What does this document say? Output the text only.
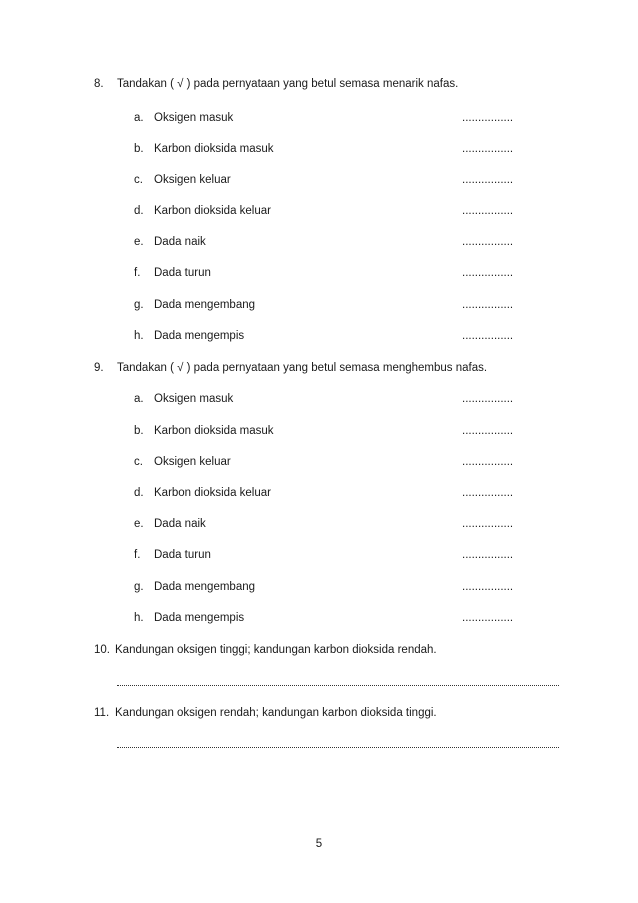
8. Tandakan ( √ ) pada pernyataan yang betul semasa menarik nafas.
a. Oksigen masuk	................
b. Karbon dioksida masuk	................
c. Oksigen keluar	................
d. Karbon dioksida keluar	................
e. Dada naik	................
f. Dada turun	................
g. Dada mengembang	................
h. Dada mengempis	................
9. Tandakan ( √ ) pada pernyataan yang betul semasa menghembus nafas.
a. Oksigen masuk	................
b. Karbon dioksida masuk	................
c. Oksigen keluar	................
d. Karbon dioksida keluar	................
e. Dada naik	................
f. Dada turun	................
g. Dada mengembang	................
h. Dada mengempis	................
10. Kandungan oksigen tinggi; kandungan karbon dioksida rendah.
11. Kandungan oksigen rendah; kandungan karbon dioksida tinggi.
5
